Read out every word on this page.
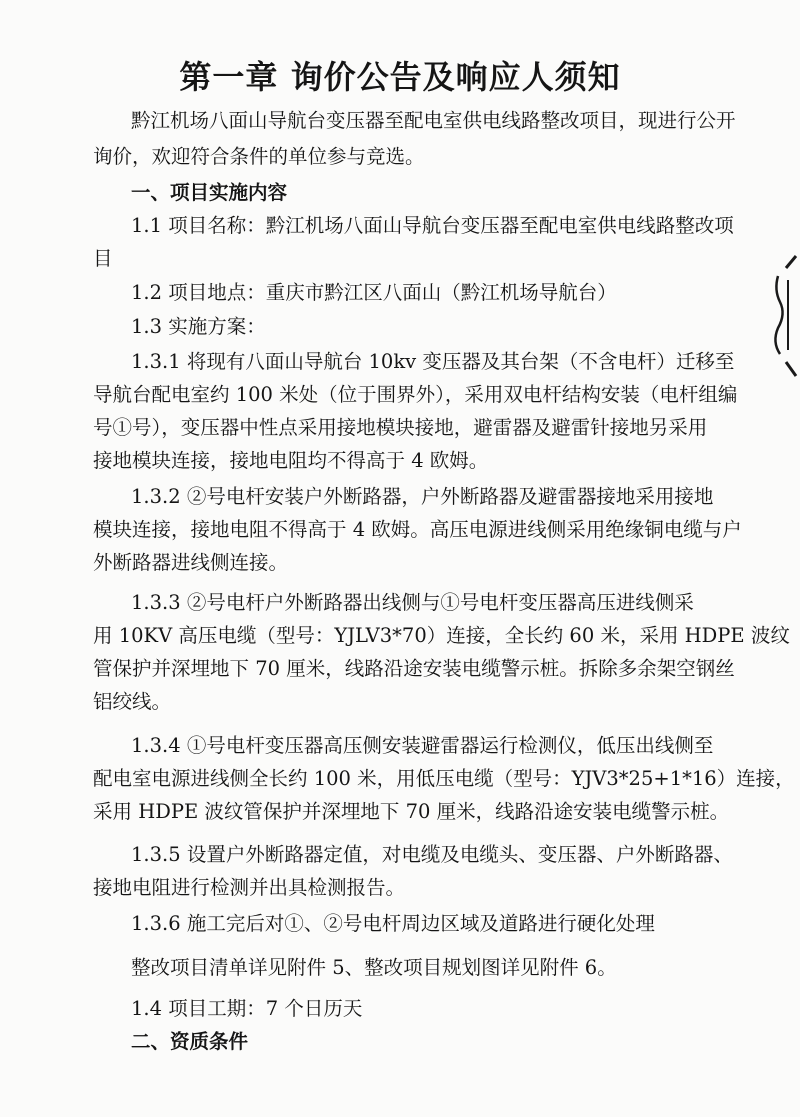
第一章 询价公告及响应人须知
黔江机场八面山导航台变压器至配电室供电线路整改项目，现进行公开
询价，欢迎符合条件的单位参与竞选。
一、项目实施内容
1.1 项目名称：黔江机场八面山导航台变压器至配电室供电线路整改项
目
1.2 项目地点：重庆市黔江区八面山（黔江机场导航台）
1.3 实施方案：
1.3.1 将现有八面山导航台 10kv 变压器及其台架（不含电杆）迁移至
导航台配电室约 100 米处（位于围界外），采用双电杆结构安装（电杆组编
号①号），变压器中性点采用接地模块接地，避雷器及避雷针接地另采用
接地模块连接，接地电阻均不得高于 4 欧姆。
1.3.2 ②号电杆安装户外断路器，户外断路器及避雷器接地采用接地
模块连接，接地电阻不得高于 4 欧姆。高压电源进线侧采用绝缘铜电缆与户
外断路器进线侧连接。
1.3.3 ②号电杆户外断路器出线侧与①号电杆变压器高压进线侧采
用 10KV 高压电缆（型号：YJLV3*70）连接，全长约 60 米，采用 HDPE 波纹
管保护并深埋地下 70 厘米，线路沿途安装电缆警示桩。拆除多余架空钢丝
铝绞线。
1.3.4 ①号电杆变压器高压侧安装避雷器运行检测仪，低压出线侧至
配电室电源进线侧全长约 100 米，用低压电缆（型号：YJV3*25+1*16）连接，
采用 HDPE 波纹管保护并深埋地下 70 厘米，线路沿途安装电缆警示桩。
1.3.5 设置户外断路器定值，对电缆及电缆头、变压器、户外断路器、
接地电阻进行检测并出具检测报告。
1.3.6 施工完后对①、②号电杆周边区域及道路进行硬化处理
整改项目清单详见附件 5、整改项目规划图详见附件 6。
1.4 项目工期：7 个日历天
二、资质条件
